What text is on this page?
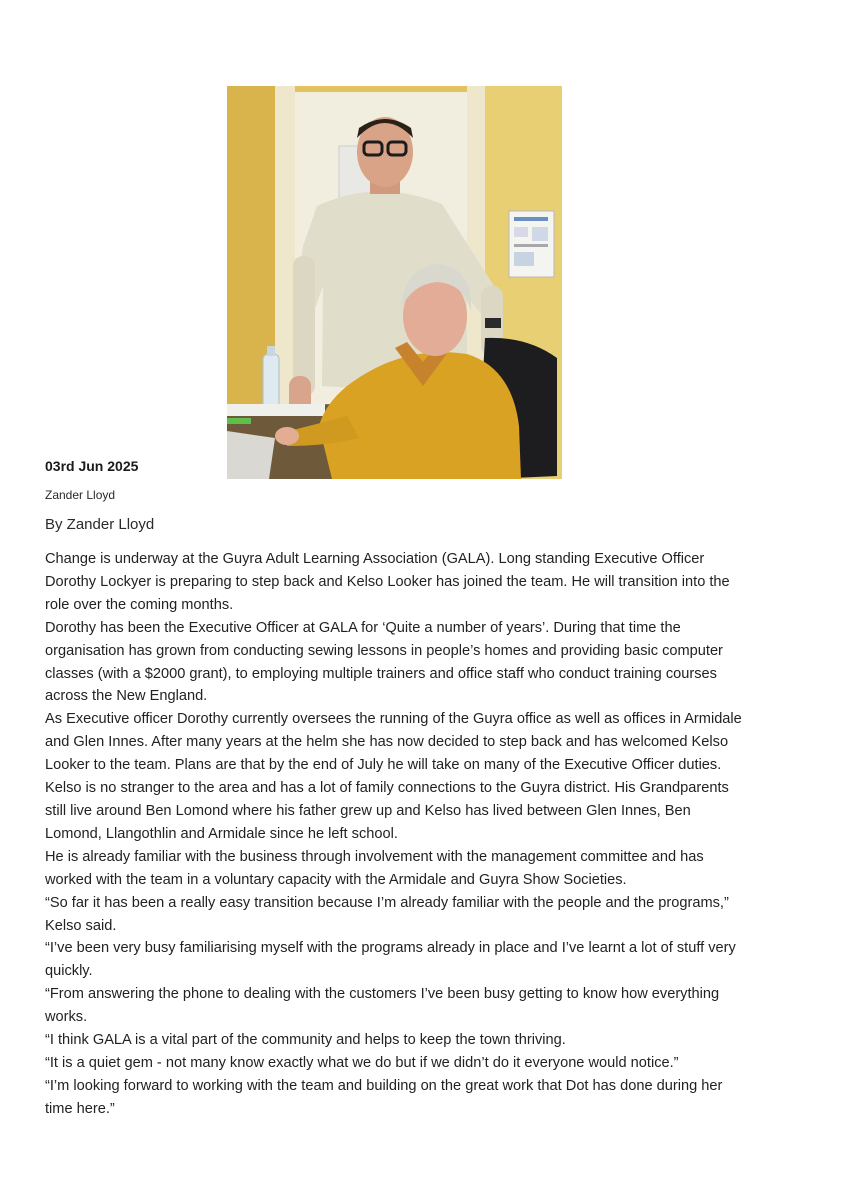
03rd Jun 2025
Zander Lloyd
By Zander Lloyd

Change is underway at the Guyra Adult Learning Association (GALA). Long standing Executive Officer Dorothy Lockyer is preparing to step back and Kelso Looker has joined the team. He will transition into the role over the coming months.

Dorothy has been the Executive Officer at GALA for ‘Quite a number of years’. During that time the organisation has grown from conducting sewing lessons in people’s homes and providing basic computer classes (with a $2000 grant), to employing multiple trainers and office staff who conduct training courses across the New England.

As Executive officer Dorothy currently oversees the running of the Guyra office as well as offices in Armidale and Glen Innes. After many years at the helm she has now decided to step back and has welcomed Kelso Looker to the team. Plans are that by the end of July he will take on many of the Executive Officer duties.

Kelso is no stranger to the area and has a lot of family connections to the Guyra district. His Grandparents still live around Ben Lomond where his father grew up and Kelso has lived between Glen Innes, Ben Lomond, Llangothlin and Armidale since he left school.

He is already familiar with the business through involvement with the management committee and has worked with the team in a voluntary capacity with the Armidale and Guyra Show Societies.

“So far it has been a really easy transition because I’m already familiar with the people and the programs,” Kelso said.

“I’ve been very busy familiarising myself with the programs already in place and I’ve learnt a lot of stuff very quickly.

“From answering the phone to dealing with the customers I’ve been busy getting to know how everything works.

“I think GALA is a vital part of the community and helps to keep the town thriving.

“It is a quiet gem - not many know exactly what we do but if we didn’t do it everyone would notice.”

“I’m looking forward to working with the team and building on the great work that Dot has done during her time here.”
